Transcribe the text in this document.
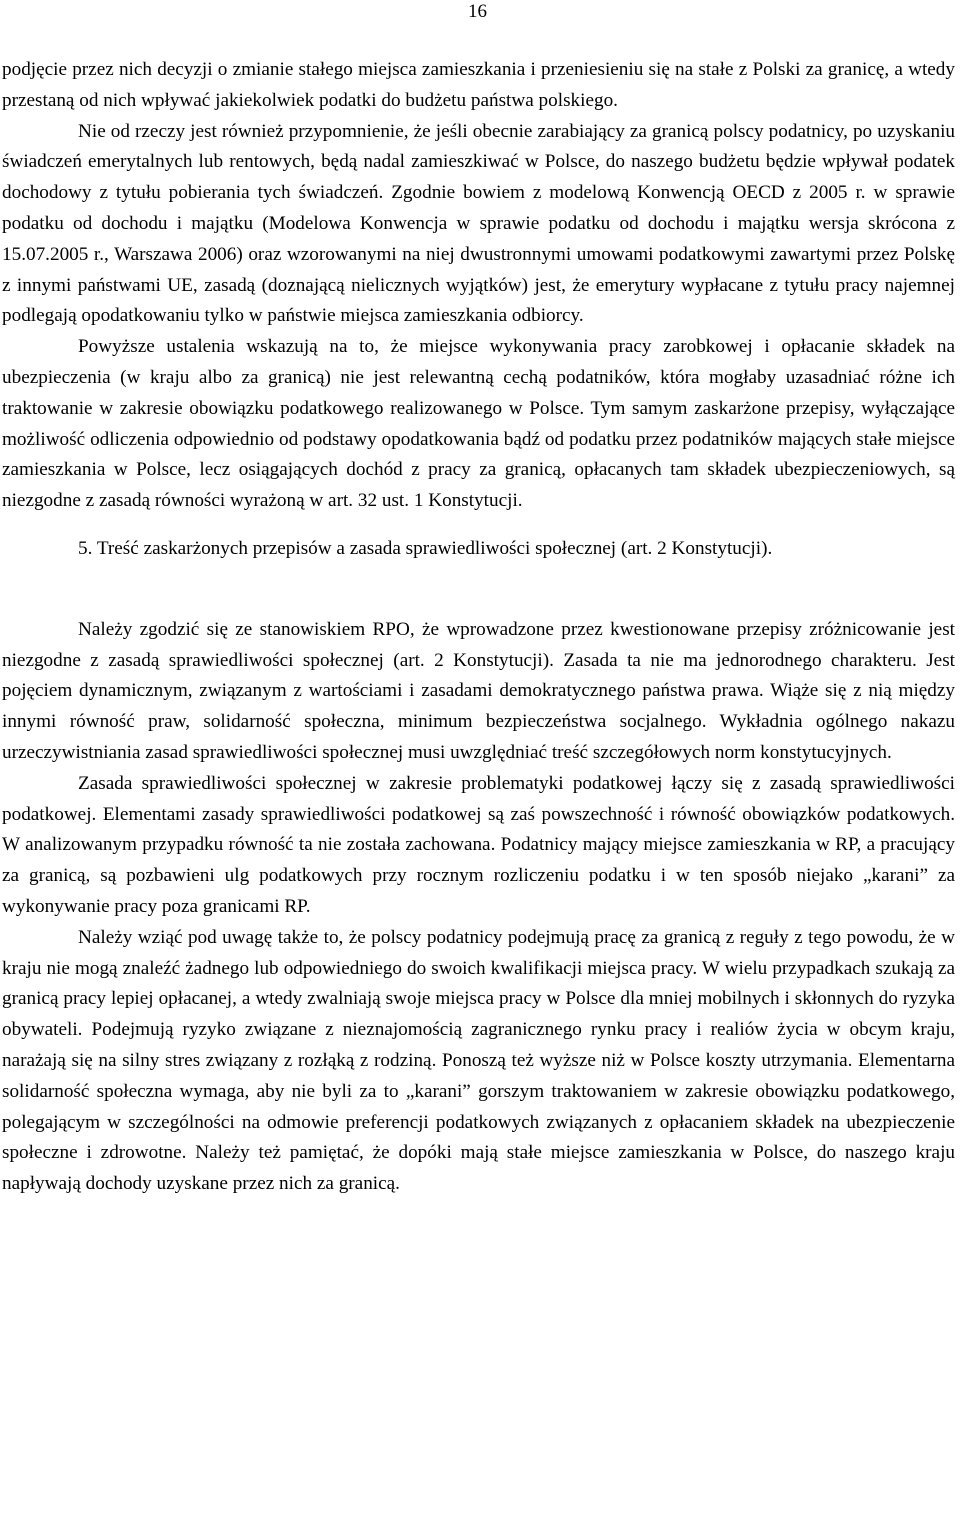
16

podjęcie przez nich decyzji o zmianie stałego miejsca zamieszkania i przeniesieniu się na stałe z Polski za granicę, a wtedy przestaną od nich wpływać jakiekolwiek podatki do budżetu państwa polskiego.

Nie od rzeczy jest również przypomnienie, że jeśli obecnie zarabiający za granicą polscy podatnicy, po uzyskaniu świadczeń emerytalnych lub rentowych, będą nadal zamieszkiwać w Polsce, do naszego budżetu będzie wpływał podatek dochodowy z tytułu pobierania tych świadczeń. Zgodnie bowiem z modelową Konwencją OECD z 2005 r. w sprawie podatku od dochodu i majątku (Modelowa Konwencja w sprawie podatku od dochodu i majątku wersja skrócona z 15.07.2005 r., Warszawa 2006) oraz wzorowanymi na niej dwustronnymi umowami podatkowymi zawartymi przez Polskę z innymi państwami UE, zasadą (doznającą nielicznych wyjątków) jest, że emerytury wypłacane z tytułu pracy najemnej podlegają opodatkowaniu tylko w państwie miejsca zamieszkania odbiorcy.

Powyższe ustalenia wskazują na to, że miejsce wykonywania pracy zarobkowej i opłacanie składek na ubezpieczenia (w kraju albo za granicą) nie jest relewantną cechą podatników, która mogłaby uzasadniać różne ich traktowanie w zakresie obowiązku podatkowego realizowanego w Polsce. Tym samym zaskarżone przepisy, wyłączające możliwość odliczenia odpowiednio od podstawy opodatkowania bądź od podatku przez podatników mających stałe miejsce zamieszkania w Polsce, lecz osiągających dochód z pracy za granicą, opłacanych tam składek ubezpieczeniowych, są niezgodne z zasadą równości wyrażoną w art. 32 ust. 1 Konstytucji.

5. Treść zaskarżonych przepisów a zasada sprawiedliwości społecznej (art. 2 Konstytucji).

Należy zgodzić się ze stanowiskiem RPO, że wprowadzone przez kwestionowane przepisy zróżnicowanie jest niezgodne z zasadą sprawiedliwości społecznej (art. 2 Konstytucji). Zasada ta nie ma jednorodnego charakteru. Jest pojęciem dynamicznym, związanym z wartościami i zasadami demokratycznego państwa prawa. Wiąże się z nią między innymi równość praw, solidarność społeczna, minimum bezpieczeństwa socjalnego. Wykładnia ogólnego nakazu urzeczywistniania zasad sprawiedliwości społecznej musi uwzględniać treść szczegółowych norm konstytucyjnych.

Zasada sprawiedliwości społecznej w zakresie problematyki podatkowej łączy się z zasadą sprawiedliwości podatkowej. Elementami zasady sprawiedliwości podatkowej są zaś powszechność i równość obowiązków podatkowych. W analizowanym przypadku równość ta nie została zachowana. Podatnicy mający miejsce zamieszkania w RP, a pracujący za granicą, są pozbawieni ulg podatkowych przy rocznym rozliczeniu podatku i w ten sposób niejako „karani” za wykonywanie pracy poza granicami RP.

Należy wziąć pod uwagę także to, że polscy podatnicy podejmują pracę za granicą z reguły z tego powodu, że w kraju nie mogą znaleźć żadnego lub odpowiedniego do swoich kwalifikacji miejsca pracy. W wielu przypadkach szukają za granicą pracy lepiej opłacanej, a wtedy zwalniają swoje miejsca pracy w Polsce dla mniej mobilnych i skłonnych do ryzyka obywateli. Podejmują ryzyko związane z nieznajomością zagranicznego rynku pracy i realiów życia w obcym kraju, narażają się na silny stres związany z rozłąką z rodziną. Ponoszą też wyższe niż w Polsce koszty utrzymania. Elementarna solidarność społeczna wymaga, aby nie byli za to „karani” gorszym traktowaniem w zakresie obowiązku podatkowego, polegającym w szczególności na odmowie preferencji podatkowych związanych z opłacaniem składek na ubezpieczenie społeczne i zdrowotne. Należy też pamiętać, że dopóki mają stałe miejsce zamieszkania w Polsce, do naszego kraju napływają dochody uzyskane przez nich za granicą.
